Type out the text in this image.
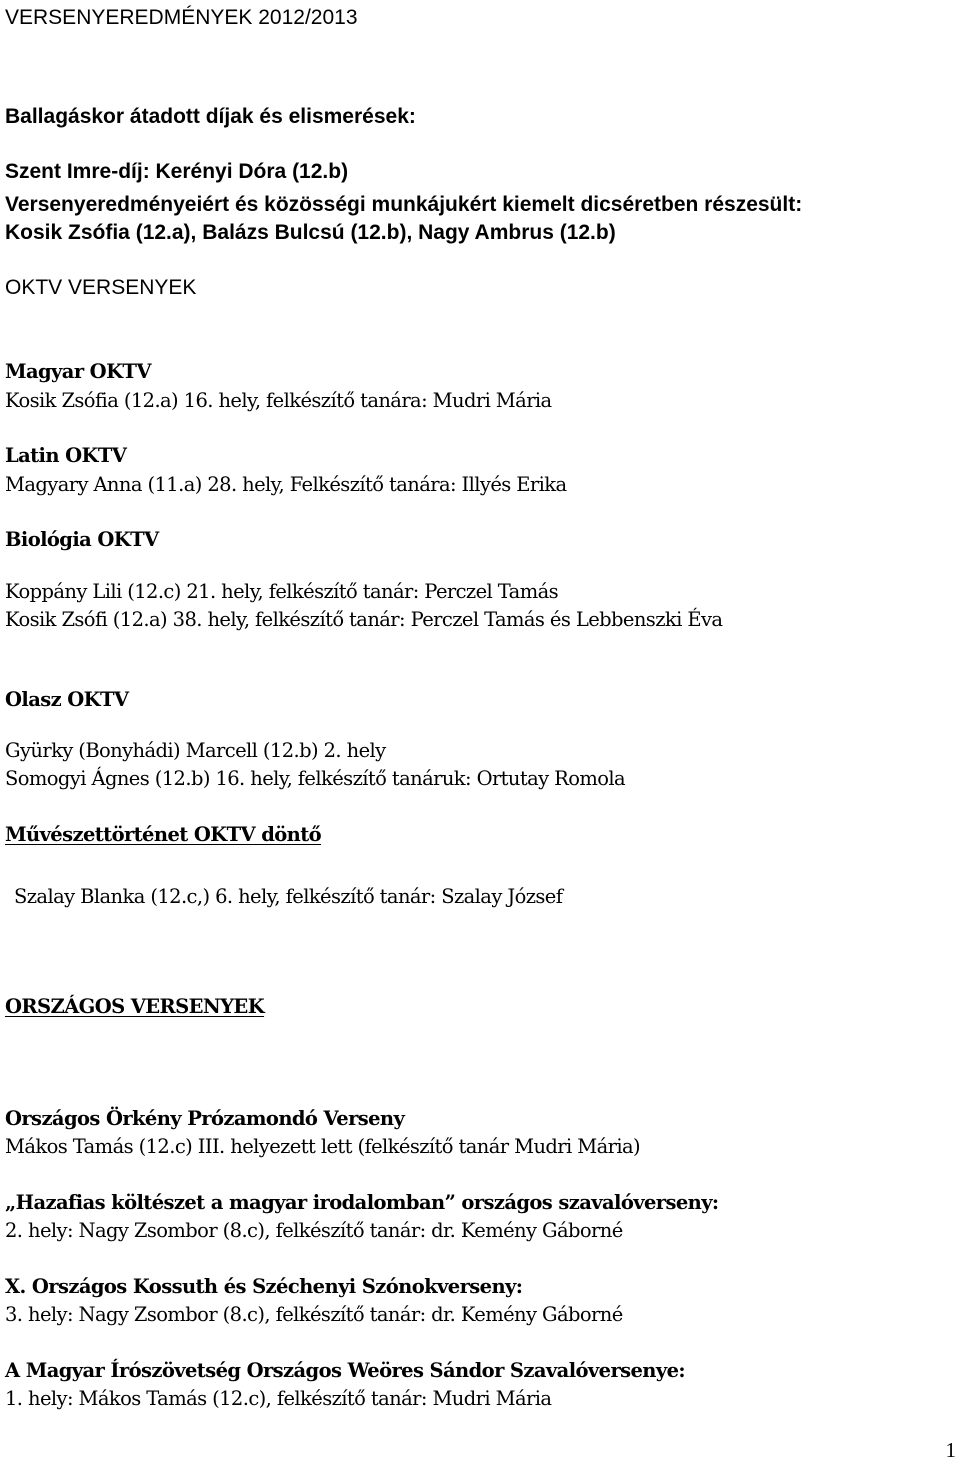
VERSENYEREDMÉNYEK 2012/2013
Ballagáskor átadott díjak és elismerések:
Szent Imre-díj: Kerényi Dóra (12.b)
Versenyeredményeiért és közösségi munkájukért kiemelt dicséretben részesült:
Kosik Zsófia (12.a), Balázs Bulcsú (12.b), Nagy Ambrus (12.b)
OKTV VERSENYEK
Magyar OKTV
Kosik Zsófia (12.a) 16. hely, felkészítő tanára: Mudri Mária
Latin OKTV
Magyary Anna (11.a) 28. hely, Felkészítő tanára: Illyés Erika
Biológia OKTV
Koppány Lili (12.c) 21. hely, felkészítő tanár: Perczel Tamás
Kosik Zsófi (12.a) 38. hely, felkészítő tanár: Perczel Tamás és Lebbenszki Éva
Olasz OKTV
Gyürky (Bonyhádi) Marcell (12.b) 2. hely
Somogyi Ágnes (12.b) 16. hely, felkészítő tanáruk: Ortutay Romola
Művészettörténet OKTV döntő
Szalay Blanka (12.c,) 6. hely, felkészítő tanár: Szalay József
ORSZÁGOS VERSENYEK
Országos Örkény Prózamondó Verseny
Mákos Tamás (12.c) III. helyezett lett (felkészítő tanár Mudri Mária)
„Hazafias költészet a magyar irodalomban” országos szavalóverseny:
2. hely: Nagy Zsombor (8.c), felkészítő tanár: dr. Kemény Gáborné
X. Országos Kossuth és Széchenyi Szónokverseny:
3. hely: Nagy Zsombor (8.c), felkészítő tanár: dr. Kemény Gáborné
A Magyar Írószövetség Országos Weöres Sándor Szavalóversenye:
1. hely: Mákos Tamás (12.c), felkészítő tanár: Mudri Mária
1
